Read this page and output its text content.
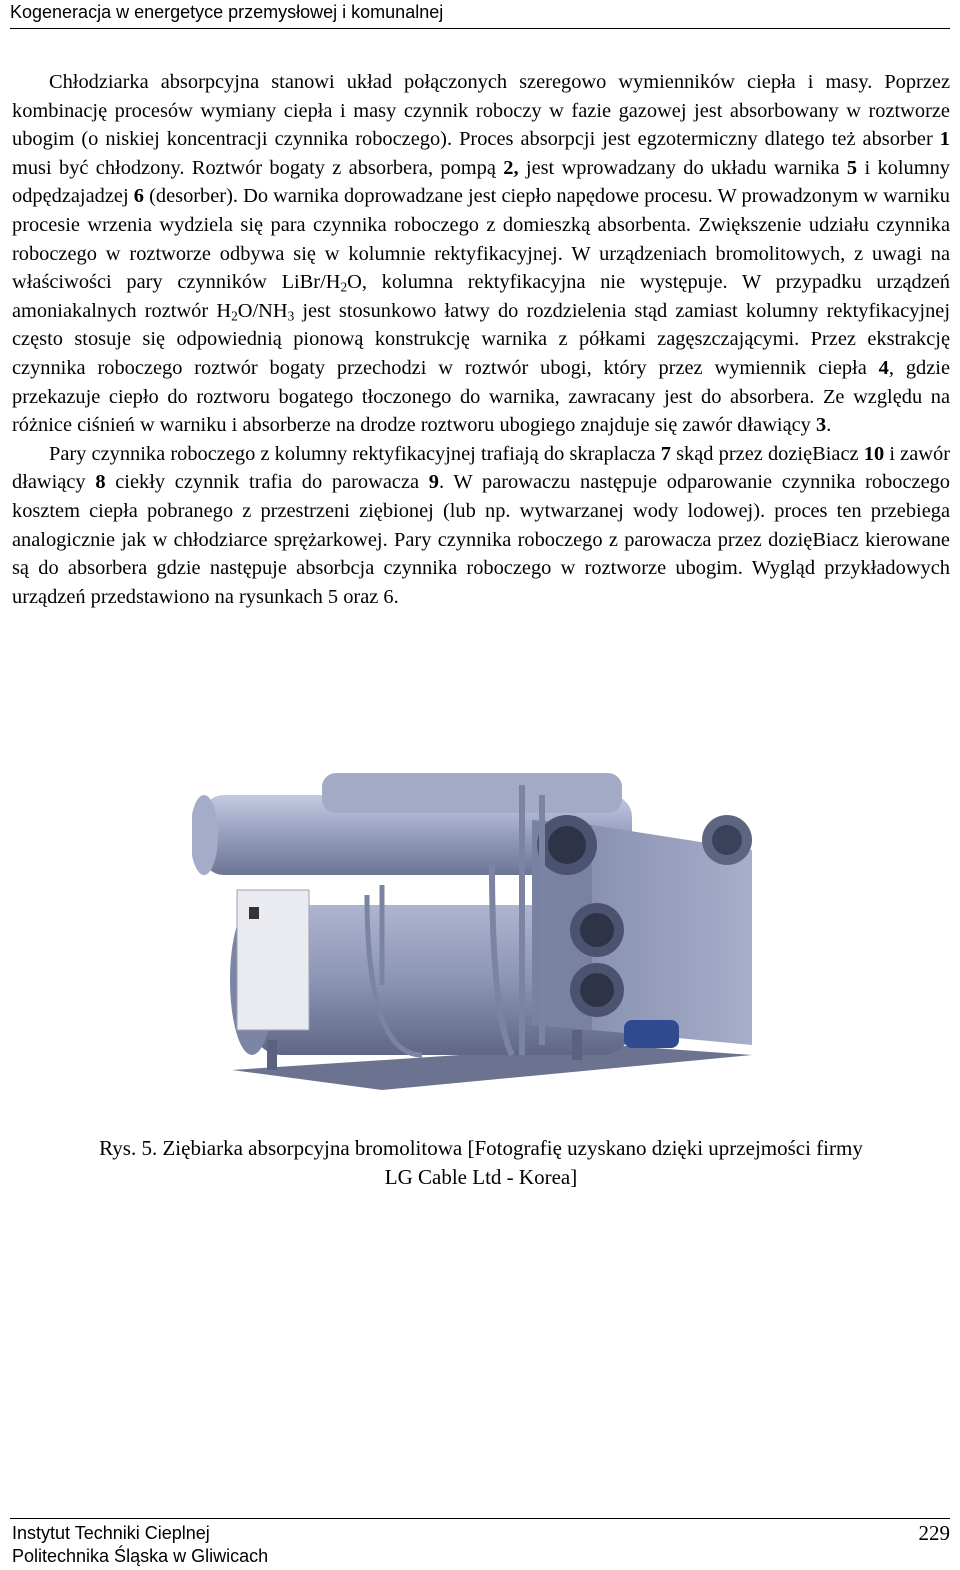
Kogeneracja w energetyce przemysłowej i komunalnej

Chłodziarka absorpcyjna stanowi układ połączonych szeregowo wymienników ciepła i masy. Poprzez kombinację procesów wymiany ciepła i masy czynnik roboczy w fazie gazowej jest absorbowany w roztworze ubogim (o niskiej koncentracji czynnika roboczego). Proces absorpcji jest egzotermiczny dlatego też absorber 1 musi być chłodzony. Roztwór bogaty z absorbera, pompą 2, jest wprowadzany do układu warnika 5 i kolumny odpędzajadzej 6 (desorber). Do warnika doprowadzane jest ciepło napędowe procesu. W prowadzonym w warniku procesie wrzenia wydziela się para czynnika roboczego z domieszką absorbenta. Zwiększenie udziału czynnika roboczego w roztworze odbywa się w kolumnie rektyfikacyjnej. W urządzeniach bromolitowych, z uwagi na właściwości pary czynników LiBr/$H_2O$, kolumna rektyfikacyjna nie występuje. W przypadku urządzeń amoniakalnych roztwór $H_2O/NH_3$ jest stosunkowo łatwy do rozdzielenia stąd zamiast kolumny rektyfikacyjnej często stosuje się odpowiednią pionową konstrukcję warnika z półkami zagęszczającymi. Przez ekstrakcję czynnika roboczego roztwór bogaty przechodzi w roztwór ubogi, który przez wymiennik ciepła 4, gdzie przekazuje ciepło do roztworu bogatego tłoczonego do warnika, zawracany jest do absorbera. Ze względu na różnice ciśnień w warniku i absorberze na drodze roztworu ubogiego znajduje się zawór dławiący 3.

Pary czynnika roboczego z kolumny rektyfikacyjnej trafiają do skraplacza 7 skąd przez dozięBiacz 10 i zawór dławiący 8 ciekły czynnik trafia do parowacza 9. W parowaczu następuje odparowanie czynnika roboczego kosztem ciepła pobranego z przestrzeni ziębionej (lub np. wytwarzanej wody lodowej). proces ten przebiega analogicznie jak w chłodziarce sprężarkowej. Pary czynnika roboczego z parowacza przez dozięBiacz kierowane są do absorbera gdzie następuje absorbcja czynnika roboczego w roztworze ubogim. Wygląd przykładowych urządzeń przedstawiono na rysunkach 5 oraz 6.

Rys. 5. Ziębiarka absorpcyjna bromolitowa [Fotografię uzyskano dzięki uprzejmości firmy
LG Cable Ltd - Korea]
Instytut Techniki Cieplnej
Politechnika Śląska w Gliwicach
229
